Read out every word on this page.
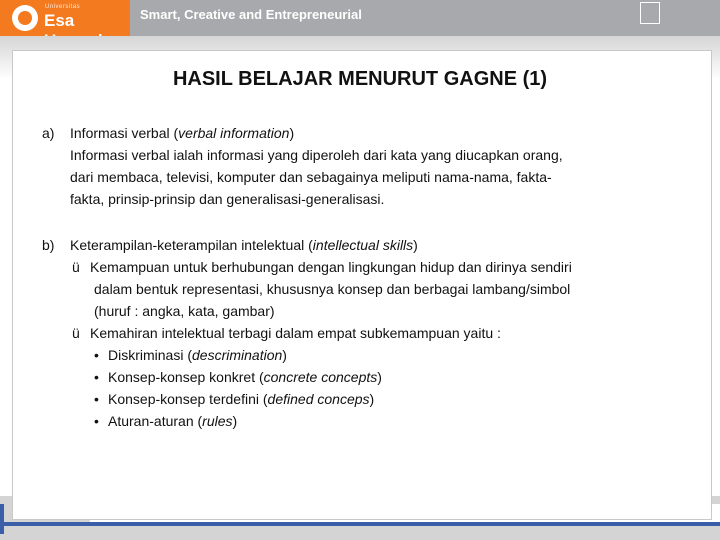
Universitas
Esa	Smart, Creative and Entrepreneurial
HASIL BELAJAR MENURUT GAGNE (1)
a) Informasi verbal (verbal information)
Informasi verbal ialah informasi yang diperoleh dari kata yang diucapkan orang,
dari membaca, televisi, komputer dan sebagainya meliputi nama-nama, fakta-
fakta, prinsip-prinsip dan generalisasi-generalisasi.
b) Keterampilan-keterampilan intelektual (intellectual skills)
ü Kemampuan untuk berhubungan dengan lingkungan hidup dan dirinya sendiri
dalam bentuk representasi, khususnya konsep dan berbagai lambang/simbol
(huruf : angka, kata, gambar)
ü Kemahiran intelektual terbagi dalam empat subkemampuan yaitu :
• Diskriminasi (descrimination)
• Konsep-konsep konkret (concrete concepts)
• Konsep-konsep terdefini (defined conceps)
• Aturan-aturan (rules)
